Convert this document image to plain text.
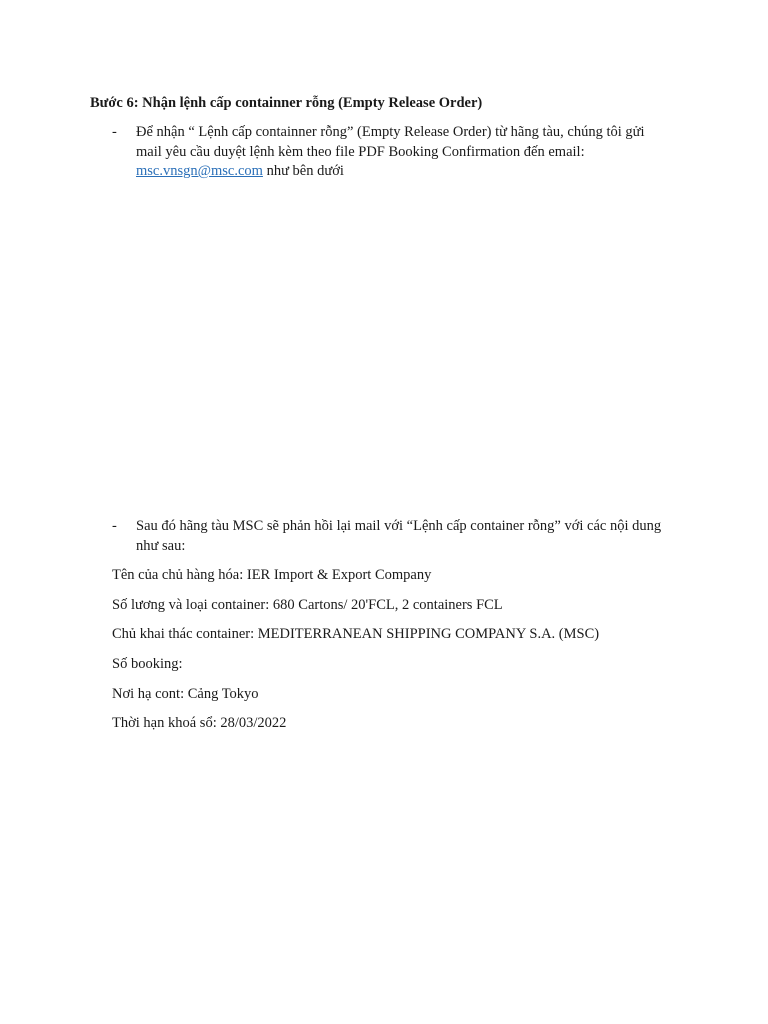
Bước 6: Nhận lệnh cấp containner rỗng (Empty Release Order)
- Để nhận “ Lệnh cấp containner rỗng” (Empty Release Order) từ hãng tàu, chúng tôi gửi mail yêu cầu duyệt lệnh kèm theo file PDF Booking Confirmation đến email: msc.vnsgn@msc.com như bên dưới
- Sau đó hãng tàu MSC sẽ phản hồi lại mail với “Lệnh cấp container rỗng” với các nội dung như sau:
Tên của chủ hàng hóa: IER Import & Export Company
Số lương và loại container: 680 Cartons/ 20'FCL, 2 containers FCL
Chủ khai thác container: MEDITERRANEAN SHIPPING COMPANY S.A. (MSC)
Số booking:
Nơi hạ cont: Cảng Tokyo
Thời hạn khoá sổ: 28/03/2022
